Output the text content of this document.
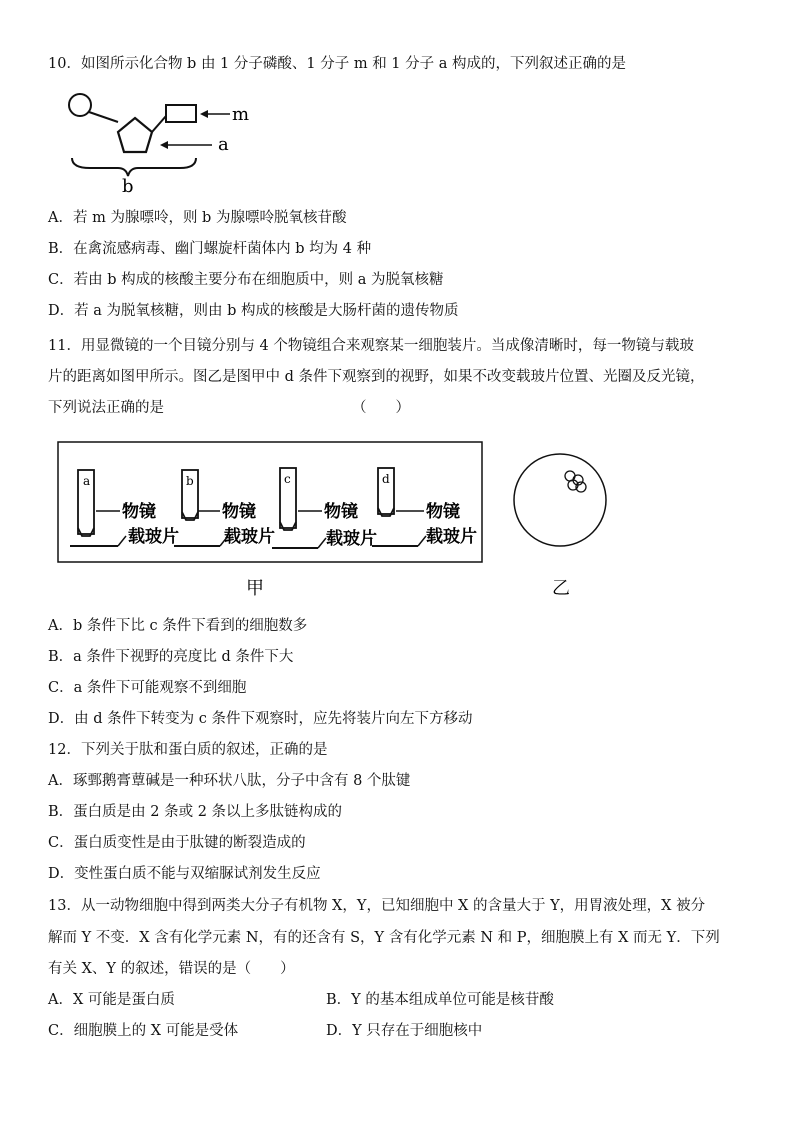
10．如图所示化合物 b 由 1 分子磷酸、1 分子 m 和 1 分子 a 构成的，下列叙述正确的是
m
a
b
A．若 m 为腺嘌呤，则 b 为腺嘌呤脱氧核苷酸
B．在禽流感病毒、幽门螺旋杆菌体内 b 均为 4 种
C．若由 b 构成的核酸主要分布在细胞质中，则 a 为脱氧核糖
D．若 a 为脱氧核糖，则由 b 构成的核酸是大肠杆菌的遗传物质
11．用显微镜的一个目镜分别与 4 个物镜组合来观察某一细胞装片。当成像清晰时，每一物镜与载玻
片的距离如图甲所示。图乙是图甲中 d 条件下观察到的视野，如果不改变载玻片位置、光圈及反光镜，
下列说法正确的是	（　　）
a
物镜
载玻片
b
物镜
载玻片
c
物镜
载玻片
d
物镜
载玻片
甲	乙
A．b 条件下比 c 条件下看到的细胞数多
B．a 条件下视野的亮度比 d 条件下大
C．a 条件下可能观察不到细胞
D．由 d 条件下转变为 c 条件下观察时，应先将装片向左下方移动
12．下列关于肽和蛋白质的叙述，正确的是
A．琢鄄鹅膏蕈碱是一种环状八肽，分子中含有 8 个肽键
B．蛋白质是由 2 条或 2 条以上多肽链构成的
C．蛋白质变性是由于肽键的断裂造成的
D．变性蛋白质不能与双缩脲试剂发生反应
13．从一动物细胞中得到两类大分子有机物 X，Y，已知细胞中 X 的含量大于 Y，用胃液处理，X 被分
解而 Y 不变．X 含有化学元素 N，有的还含有 S，Y 含有化学元素 N 和 P，细胞膜上有 X 而无 Y．下列
有关 X、Y 的叙述，错误的是（　　）
A．X 可能是蛋白质	B．Y 的基本组成单位可能是核苷酸
C．细胞膜上的 X 可能是受体	D．Y 只存在于细胞核中
